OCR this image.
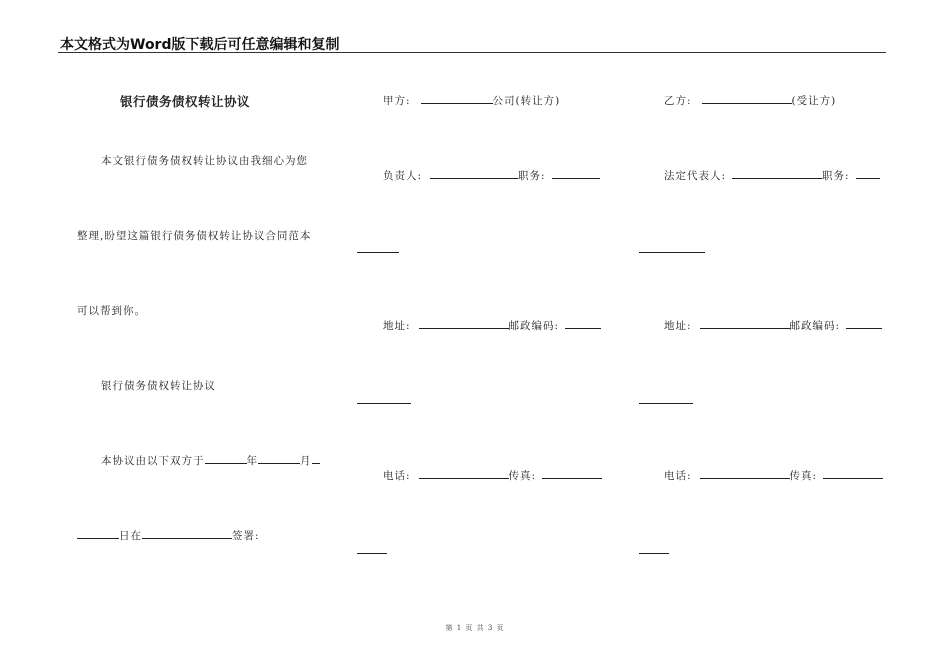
本文格式为Word版下载后可任意编辑和复制
银行债务债权转让协议
本文银行债务债权转让协议由我细心为您
整理,盼望这篇银行债务债权转让协议合同范本
可以帮到你。
银行债务债权转让协议
本协议由以下双方于	年	月
日在	签署:
甲方:	公司(转让方)
负责人:	职务:
地址:	邮政编码:
电话:	传真:
乙方:	(受让方)
法定代表人:	职务:
地址:	邮政编码:
电话:	传真:
第 1 页 共 3 页
